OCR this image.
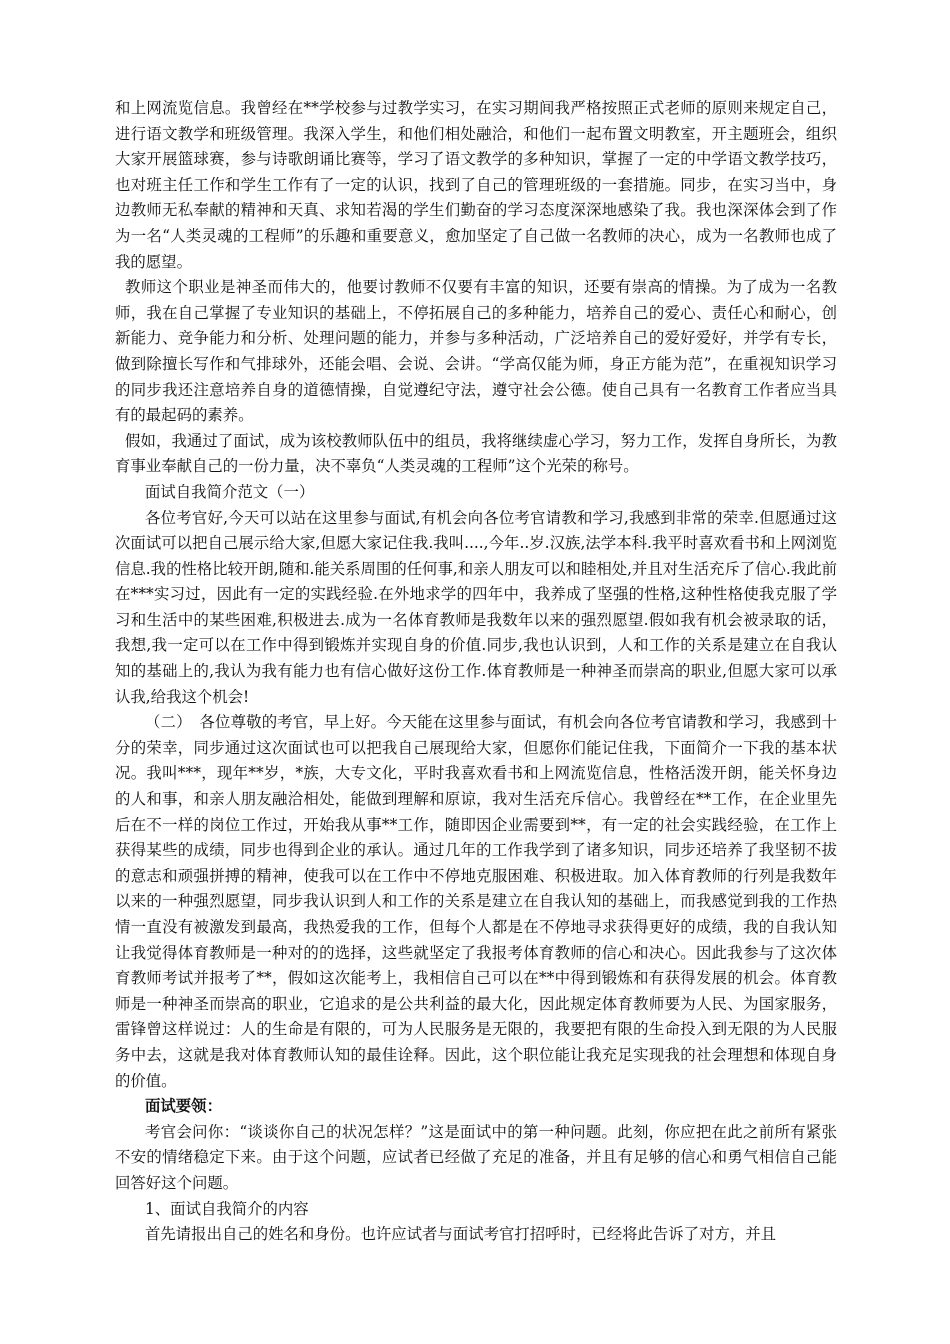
和上网流览信息。我曾经在**学校参与过教学实习，在实习期间我严格按照正式老师的原则来规定自己，进行语文教学和班级管理。我深入学生，和他们相处融洽，和他们一起布置文明教室，开主题班会，组织大家开展篮球赛，参与诗歌朗诵比赛等，学习了语文教学的多种知识，掌握了一定的中学语文教学技巧，也对班主任工作和学生工作有了一定的认识，找到了自己的管理班级的一套措施。同步，在实习当中，身边教师无私奉献的精神和天真、求知若渴的学生们勤奋的学习态度深深地感染了我。我也深深体会到了作为一名“人类灵魂的工程师”的乐趣和重要意义，愈加坚定了自己做一名教师的决心，成为一名教师也成了我的愿望。

教师这个职业是神圣而伟大的，他要讨教师不仅要有丰富的知识，还要有崇高的情操。为了成为一名教师，我在自己掌握了专业知识的基础上，不停拓展自己的多种能力，培养自己的爱心、责任心和耐心，创新能力、竞争能力和分析、处理问题的能力，并参与多种活动，广泛培养自己的爱好爱好，并学有专长，做到除擅长写作和气排球外，还能会唱、会说、会讲。“学高仅能为师，身正方能为范”，在重视知识学习的同步我还注意培养自身的道德情操，自觉遵纪守法，遵守社会公德。使自己具有一名教育工作者应当具有的最起码的素养。

假如，我通过了面试，成为该校教师队伍中的组员，我将继续虚心学习，努力工作，发挥自身所长，为教育事业奉献自己的一份力量，决不辜负“人类灵魂的工程师”这个光荣的称号。

面试自我简介范文（一）

各位考官好,今天可以站在这里参与面试,有机会向各位考官请教和学习,我感到非常的荣幸.但愿通过这次面试可以把自己展示给大家,但愿大家记住我.我叫....,今年..岁.汉族,法学本科.我平时喜欢看书和上网浏览信息.我的性格比较开朗,随和.能关系周围的任何事,和亲人朋友可以和睦相处,并且对生活充斥了信心.我此前在***实习过，因此有一定的实践经验.在外地求学的四年中，我养成了坚强的性格,这种性格使我克服了学习和生活中的某些困难,积极进去.成为一名体育教师是我数年以来的强烈愿望.假如我有机会被录取的话，我想,我一定可以在工作中得到锻炼并实现自身的价值.同步,我也认识到，人和工作的关系是建立在自我认知的基础上的,我认为我有能力也有信心做好这份工作.体育教师是一种神圣而崇高的职业,但愿大家可以承认我,给我这个机会!

（二）　各位尊敬的考官，早上好。今天能在这里参与面试，有机会向各位考官请教和学习，我感到十分的荣幸，同步通过这次面试也可以把我自己展现给大家，但愿你们能记住我，下面简介一下我的基本状况。我叫***，现年**岁，*族，大专文化，平时我喜欢看书和上网流览信息，性格活泼开朗，能关怀身边的人和事，和亲人朋友融洽相处，能做到理解和原谅，我对生活充斥信心。我曾经在**工作，在企业里先后在不一样的岗位工作过，开始我从事**工作，随即因企业需要到**，有一定的社会实践经验，在工作上获得某些的成绩，同步也得到企业的承认。通过几年的工作我学到了诸多知识，同步还培养了我坚韧不拔的意志和顽强拼搏的精神，使我可以在工作中不停地克服困难、积极进取。加入体育教师的行列是我数年以来的一种强烈愿望，同步我认识到人和工作的关系是建立在自我认知的基础上，而我感觉到我的工作热情一直没有被激发到最高，我热爱我的工作，但每个人都是在不停地寻求获得更好的成绩，我的自我认知让我觉得体育教师是一种对的的选择，这些就坚定了我报考体育教师的信心和决心。因此我参与了这次体育教师考试并报考了**，假如这次能考上，我相信自己可以在**中得到锻炼和有获得发展的机会。体育教师是一种神圣而崇高的职业，它追求的是公共利益的最大化，因此规定体育教师要为人民、为国家服务，雷锋曾这样说过：人的生命是有限的，可为人民服务是无限的，我要把有限的生命投入到无限的为人民服务中去，这就是我对体育教师认知的最佳诠释。因此，这个职位能让我充足实现我的社会理想和体现自身的价值。

面试要领：

考官会问你：“谈谈你自己的状况怎样？”这是面试中的第一种问题。此刻，你应把在此之前所有紧张不安的情绪稳定下来。由于这个问题，应试者已经做了充足的准备，并且有足够的信心和勇气相信自己能回答好这个问题。

1、面试自我简介的内容

首先请报出自己的姓名和身份。也许应试者与面试考官打招呼时，已经将此告诉了对方，并且
